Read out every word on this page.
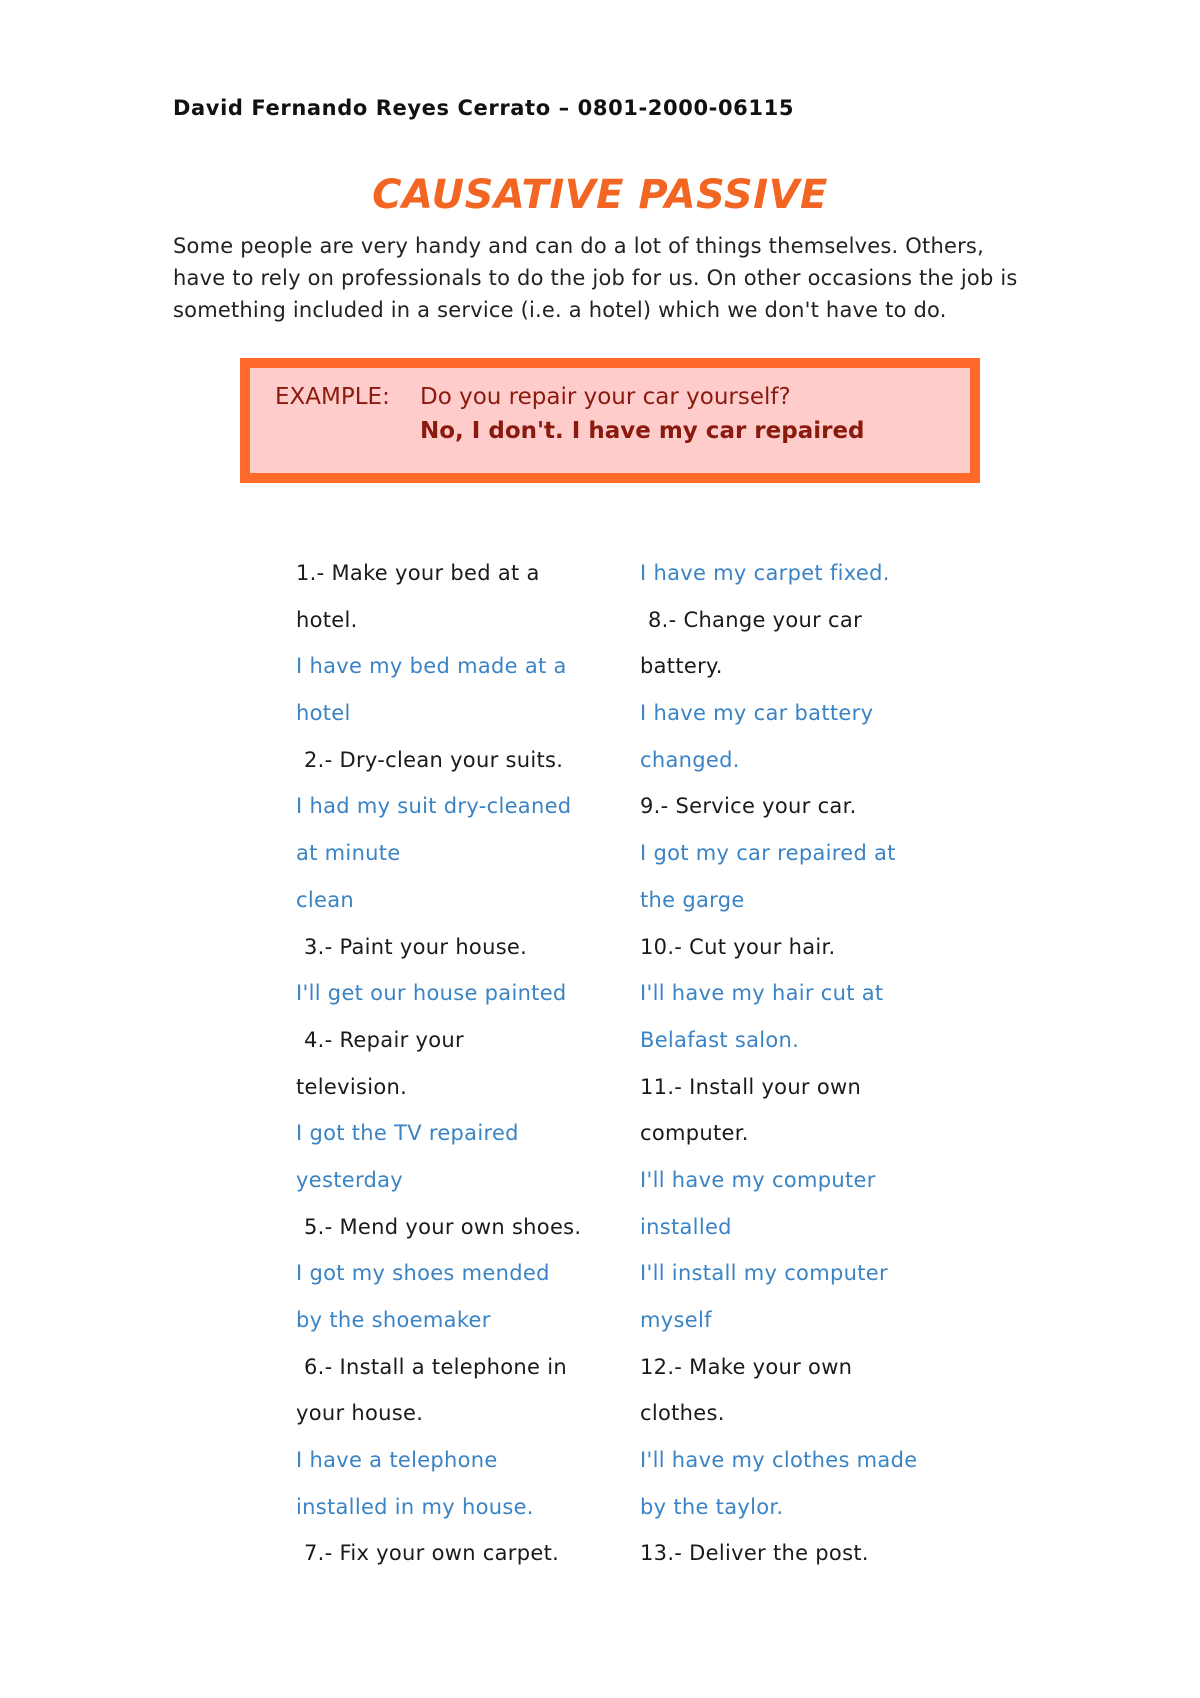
David Fernando Reyes Cerrato – 0801-2000-06115
CAUSATIVE PASSIVE
Some people are very handy and can do a lot of things themselves. Others, have to rely on professionals to do the job for us. On other occasions the job is something included in a service (i.e. a hotel) which we don't have to do.
EXAMPLE: Do you repair your car yourself?
No, I don't. I have my car repaired
1.- Make your bed at a
hotel.
I have my bed made at a
hotel
2.- Dry-clean your suits.
I had my suit dry-cleaned
at minute
clean
3.- Paint your house.
I'll get our house painted
4.- Repair your
television.
I got the TV repaired
yesterday
5.- Mend your own shoes.
I got my shoes mended
by the shoemaker
6.- Install a telephone in
your house.
I have a telephone
installed in my house.
7.- Fix your own carpet.
I have my carpet fixed.
8.- Change your car
battery.
I have my car battery
changed.
9.- Service your car.
I got my car repaired at
the garge
10.- Cut your hair.
I'll have my hair cut at
Belafast salon.
11.- Install your own
computer.
I'll have my computer
installed
I'll install my computer
myself
12.- Make your own
clothes.
I'll have my clothes made
by the taylor.
13.- Deliver the post.
